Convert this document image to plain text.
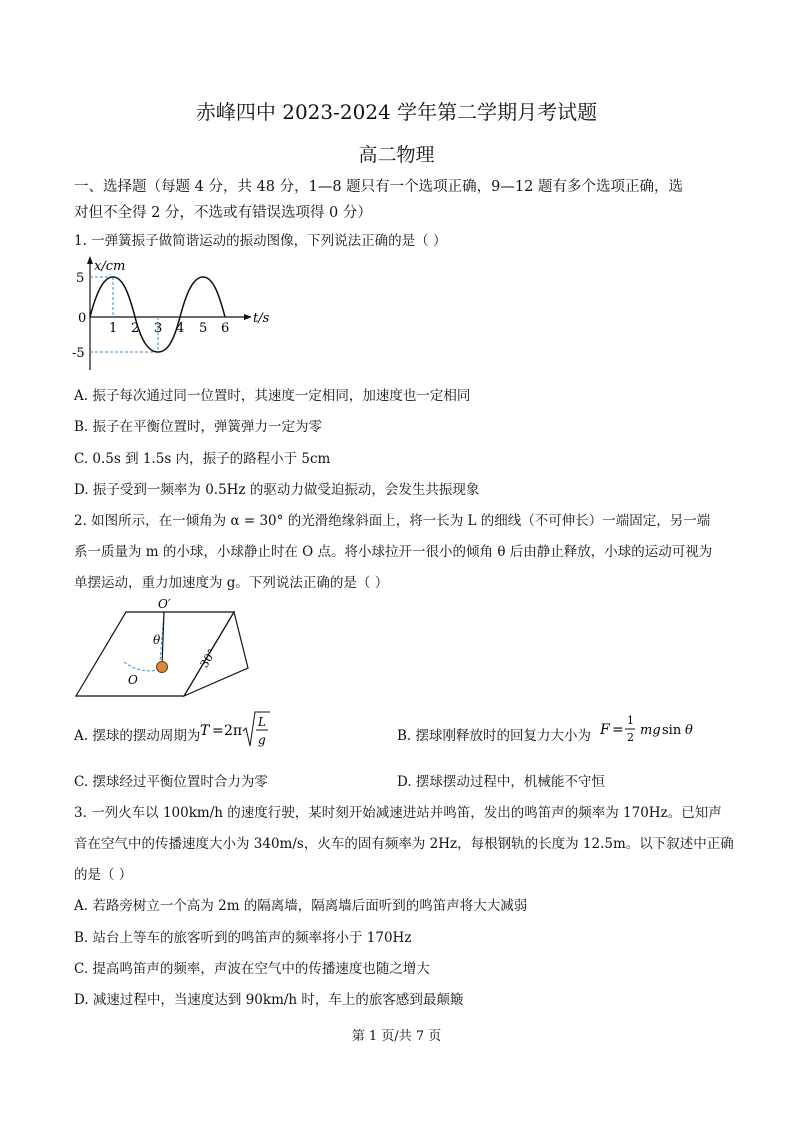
赤峰四中 2023-2024 学年第二学期月考试题
高二物理
一、选择题（每题 4 分，共 48 分，1—8 题只有一个选项正确，9—12 题有多个选项正确，选
对但不全得 2 分，不选或有错误选项得 0 分）
1. 一弹簧振子做简谐运动的振动图像，下列说法正确的是（ ）
x/cm
5
0
-5
1 2 3 4 5 6
t/s
A. 振子每次通过同一位置时，其速度一定相同，加速度也一定相同
B. 振子在平衡位置时，弹簧弹力一定为零
C. 0.5s 到 1.5s 内，振子的路程小于 5cm
D. 振子受到一频率为 0.5Hz 的驱动力做受迫振动，会发生共振现象
2. 如图所示，在一倾角为 α = 30° 的光滑绝缘斜面上，将一长为 L 的细线（不可伸长）一端固定，另一端
系一质量为 m 的小球，小球静止时在 O 点。将小球拉开一很小的倾角 θ 后由静止释放，小球的运动可视为
单摆运动，重力加速度为 g。下列说法正确的是（ ）
O′
θ
O
30°
A. 摆球的摆动周期为 T = 2π
L
g
T = 2π√(L/g)
B. 摆球刚释放时的回复力大小为 F =
1
2 mg sin θ
F = (1/2) mg sin θ
C. 摆球经过平衡位置时合力为零	D. 摆球摆动过程中，机械能不守恒
3. 一列火车以 100km/h 的速度行驶，某时刻开始减速进站并鸣笛，发出的鸣笛声的频率为 170Hz。已知声
音在空气中的传播速度大小为 340m/s，火车的固有频率为 2Hz，每根钢轨的长度为 12.5m。以下叙述中正确
的是（ ）
A. 若路旁树立一个高为 2m 的隔离墙，隔离墙后面听到的鸣笛声将大大减弱
B. 站台上等车的旅客听到的鸣笛声的频率将小于 170Hz
C. 提高鸣笛声的频率，声波在空气中的传播速度也随之增大
D. 减速过程中，当速度达到 90km/h 时，车上的旅客感到最颠簸
第 1 页/共 7 页
